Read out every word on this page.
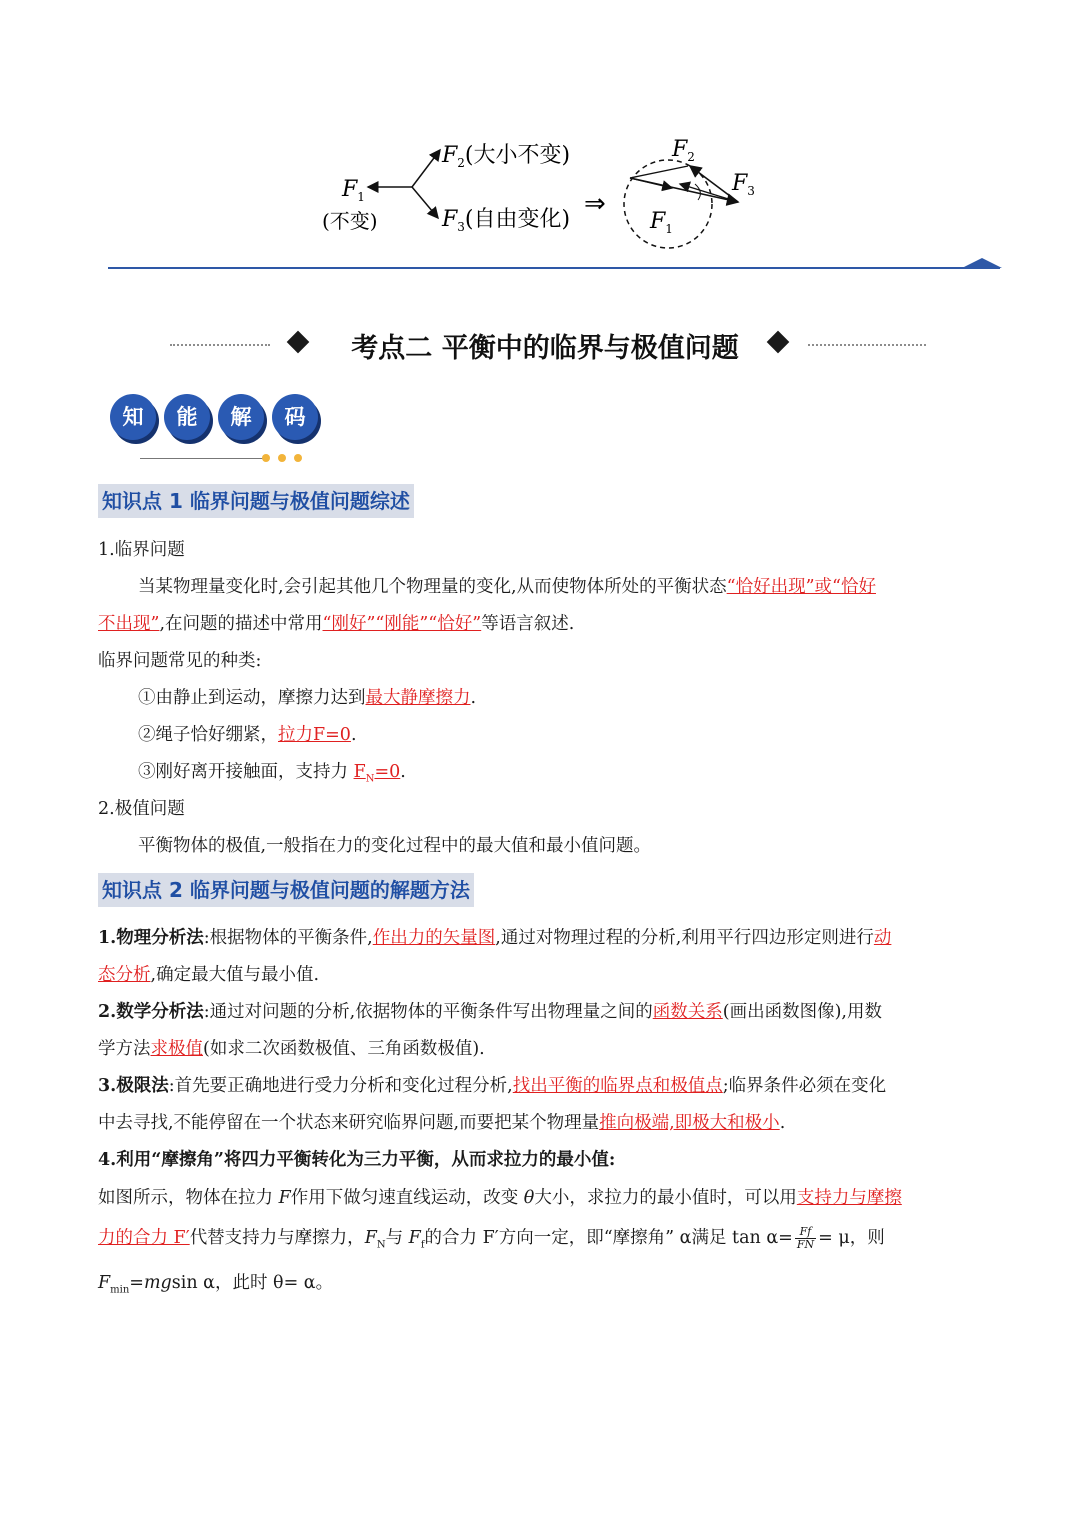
$F_1$
(不变)
$F_2$(大小不变)
$F_3$(自由变化)
⇒
$F_2$
$F_3$
$F_1$
考点二 平衡中的临界与极值问题
知	能	解	码
知识点 1 临界问题与极值问题综述
1.临界问题
当某物理量变化时,会引起其他几个物理量的变化,从而使物体所处的平衡状态“恰好出现”或“恰好
不出现”,在问题的描述中常用“刚好”“刚能”“恰好”等语言叙述.
临界问题常见的种类:
①由静止到运动，摩擦力达到最大静摩擦力.
②绳子恰好绷紧，拉力F=0.
③刚好离开接触面，支持力 $F_N=0$.
2.极值问题
平衡物体的极值,一般指在力的变化过程中的最大值和最小值问题。
知识点 2 临界问题与极值问题的解题方法
1.物理分析法:根据物体的平衡条件,作出力的矢量图,通过对物理过程的分析,利用平行四边形定则进行动
态分析,确定最大值与最小值.
2.数学分析法:通过对问题的分析,依据物体的平衡条件写出物理量之间的函数关系(画出函数图像),用数
学方法求极值(如求二次函数极值、三角函数极值).
3.极限法:首先要正确地进行受力分析和变化过程分析,找出平衡的临界点和极值点;临界条件必须在变化
中去寻找,不能停留在一个状态来研究临界问题,而要把某个物理量推向极端,即极大和极小.
4.利用“摩擦角”将四力平衡转化为三力平衡，从而求拉力的最小值:
如图所示，物体在拉力 F作用下做匀速直线运动，改变 θ大小，求拉力的最小值时，可以用支持力与摩擦
力的合力 F′代替支持力与摩擦力，$F_N$与 $F_f$的合力 F′方向一定，即“摩擦角” α满足 $\tan \alpha= \frac{Ff}{FN} = \mu$，则
$F_{min}=mgsin$ α，此时 θ= α。
